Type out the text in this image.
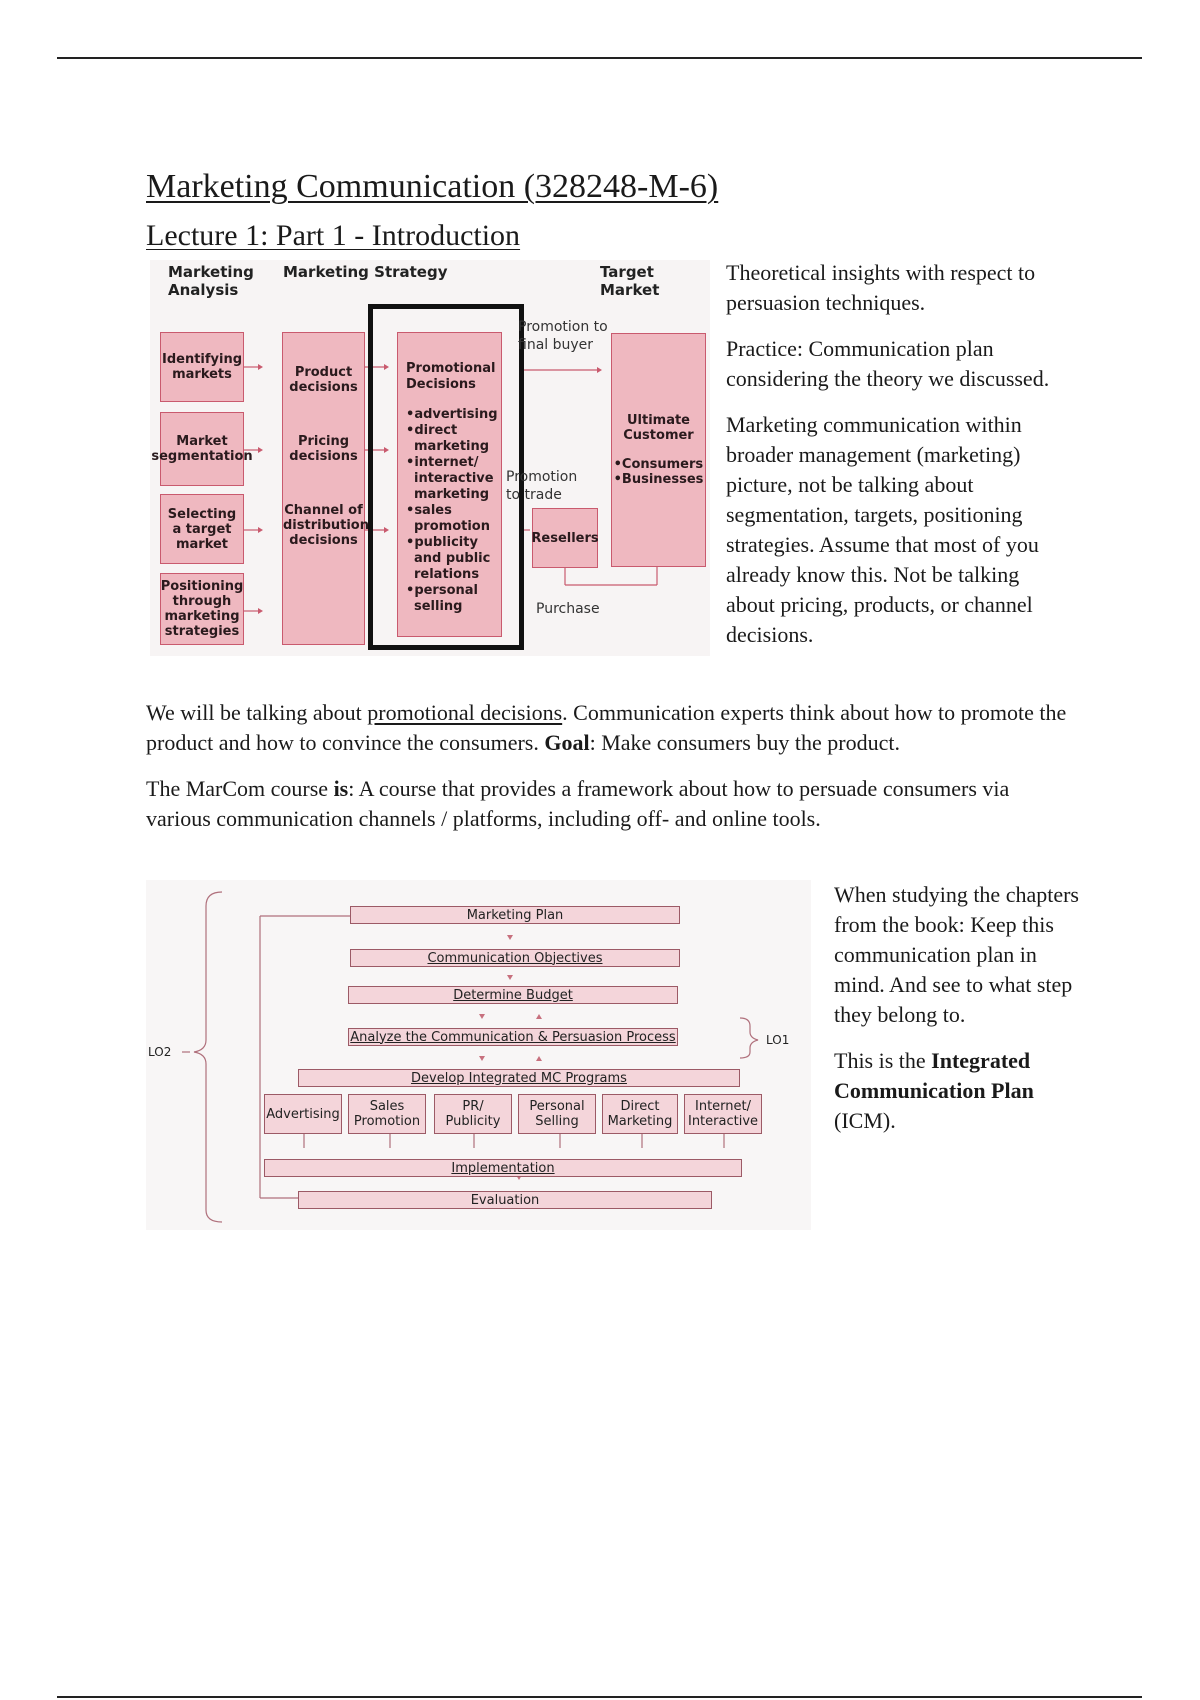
Marketing Communication (328248-M-6)
Lecture 1: Part 1 - Introduction
Marketing Analysis
Marketing Strategy	Target Market
Identifying markets
Market segmentation
Selecting a target market
Positioning through marketing strategies
Product decisions
Pricing decisions
Channel of distribution decisions
Promotional Decisions
• advertising
• direct marketing
• internet/ interactive marketing
• sales promotion
• publicity and public relations
• personal selling
Promotion to final buyer
Promotion to trade
Ultimate Customer
• Consumers
• Businesses
Resellers
Purchase

Theoretical insights with respect to persuasion techniques.

Practice: Communication plan considering the theory we discussed.

Marketing communication within broader management (marketing) picture, not be talking about segmentation, targets, positioning strategies. Assume that most of you already know this. Not be talking about pricing, products, or channel decisions.

We will be talking about promotional decisions. Communication experts think about how to promote the product and how to convince the consumers. Goal: Make consumers buy the product.

The MarCom course is: A course that provides a framework about how to persuade consumers via various communication channels / platforms, including off- and online tools.

Marketing Plan
Communication Objectives
Determine Budget
Analyze the Communication & Persuasion Process
Develop Integrated MC Programs
Advertising	Sales Promotion
PR/ Publicity
Personal Selling
Direct Marketing
Internet/ Interactive
Implementation
Evaluation
LO1
LO2

When studying the chapters from the book: Keep this communication plan in mind. And see to what step they belong to.

This is the Integrated Communication Plan (ICM).
